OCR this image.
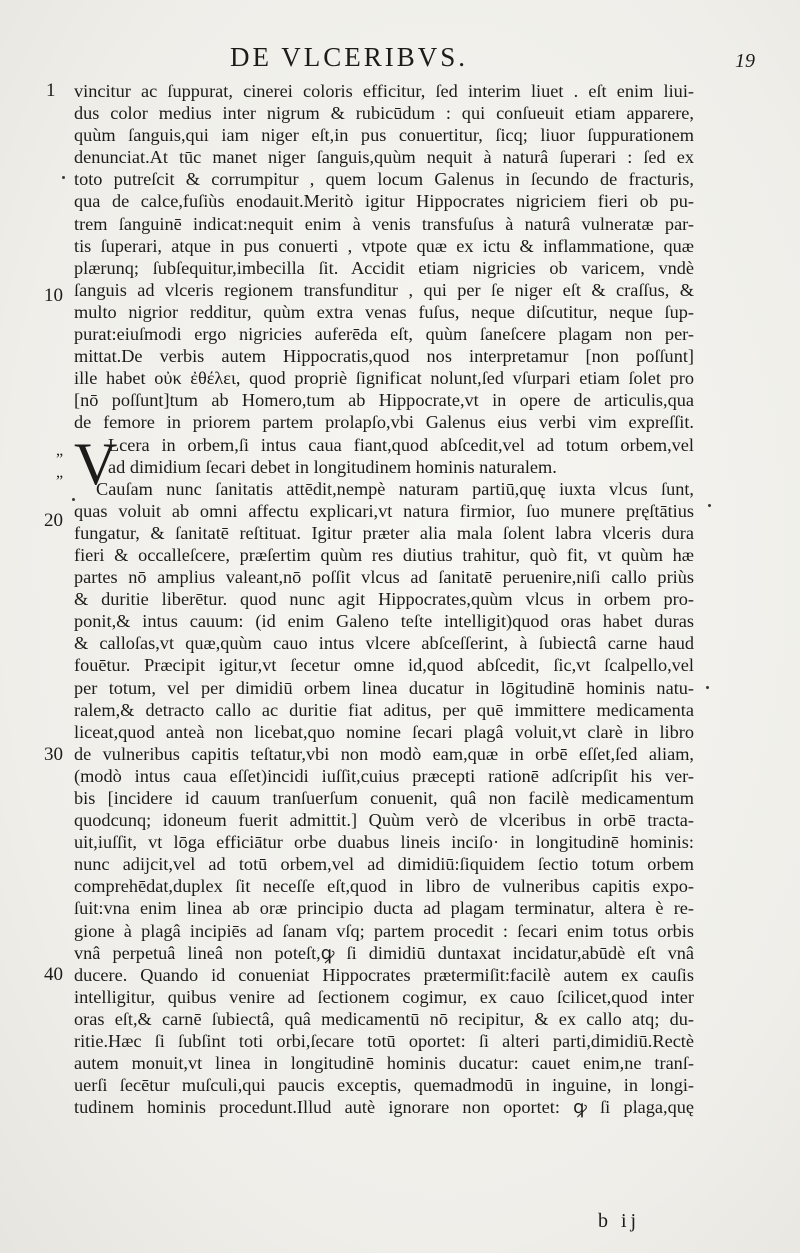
DE VLCERIBVS.	19
1
10
20
30
40
„
„ V
vincitur ac ſuppurat, cinerei coloris efficitur, ſed interim liuet . eſt enim liui-
dus color medius inter nigrum & rubicūdum : qui conſueuit etiam apparere,
quùm ſanguis,qui iam niger eſt,in pus conuertitur, ſicq; liuor ſuppurationem
denunciat.At tūc manet niger ſanguis,quùm nequit à naturâ ſuperari : ſed ex
toto putreſcit & corrumpitur , quem locum Galenus in ſecundo de fracturis,
qua de calce,fuſiùs enodauit.Meritò igitur Hippocrates nigriciem fieri ob pu-
trem ſanguinē indicat:nequit enim à venis transfuſus à naturâ vulneratæ par-
tis ſuperari, atque in pus conuerti , vtpote quæ ex ictu & inflammatione, quæ
plærunq; ſubſequitur,imbecilla ſit. Accidit etiam nigricies ob varicem, vndè
ſanguis ad vlceris regionem transfunditur , qui per ſe niger eſt & craſſus, &
multo nigrior redditur, quùm extra venas fuſus, neque diſcutitur, neque ſup-
purat:eiuſmodi ergo nigricies auferēda eſt, quùm ſaneſcere plagam non per-
mittat.De verbis autem Hippocratis,quod nos interpretamur [non poſſunt]
ille habet οὐκ ἐθέλει, quod propriè ſignificat nolunt,ſed vſurpari etiam ſolet pro
[nō poſſunt]tum ab Homero,tum ab Hippocrate,vt in opere de articulis,qua
de femore in priorem partem prolapſo,vbi Galenus eius verbi vim expreſſit.
Lcera in orbem,ſi intus caua fiant,quod abſcedit,vel ad totum orbem,vel
ad dimidium ſecari debet in longitudinem hominis naturalem.
Cauſam nunc ſanitatis attēdit,nempè naturam partiū,quę iuxta vlcus ſunt,
quas voluit ab omni affectu explicari,vt natura firmior, ſuo munere pręſtātius
fungatur, & ſanitatē reſtituat. Igitur præter alia mala ſolent labra vlceris dura
fieri & occalleſcere, præſertim quùm res diutius trahitur, quò fit, vt quùm hæ
partes nō amplius valeant,nō poſſit vlcus ad ſanitatē peruenire,niſi callo priùs
& duritie liberētur. quod nunc agit Hippocrates,quùm vlcus in orbem pro-
ponit,& intus cauum: (id enim Galeno teſte intelligit)quod oras habet duras
& calloſas,vt quæ,quùm cauo intus vlcere abſceſſerint, à ſubiectâ carne haud
fouētur. Præcipit igitur,vt ſecetur omne id,quod abſcedit, ſic,vt ſcalpello,vel
per totum, vel per dimidiū orbem linea ducatur in lōgitudinē hominis natu-
ralem,& detracto callo ac duritie fiat aditus, per quē immittere medicamenta
liceat,quod anteà non licebat,quo nomine ſecari plagâ voluit,vt clarè in libro
de vulneribus capitis teſtatur,vbi non modò eam,quæ in orbē eſſet,ſed aliam,
(modò intus caua eſſet)incidi iuſſit,cuius præcepti rationē adſcripſit his ver-
bis [incidere id cauum tranſuerſum conuenit, quâ non facilè medicamentum
quodcunq; idoneum fuerit admittit.] Quùm verò de vlceribus in orbē tracta-
uit,iuſſit, vt lōga efficiātur orbe duabus lineis inciſo· in longitudinē hominis:
nunc adijcit,vel ad totū orbem,vel ad dimidiū:ſiquidem ſectio totum orbem
comprehēdat,duplex ſit neceſſe eſt,quod in libro de vulneribus capitis expo-
ſuit:vna enim linea ab oræ principio ducta ad plagam terminatur, altera è re-
gione à plagâ incipiēs ad ſanam vſq; partem procedit : ſecari enim totus orbis
vnâ perpetuâ lineâ non poteſt,ꝙ ſi dimidiū duntaxat incidatur,abūdè eſt vnâ
ducere. Quando id conueniat Hippocrates prætermiſit:facilè autem ex cauſis
intelligitur, quibus venire ad ſectionem cogimur, ex cauo ſcilicet,quod inter
oras eſt,& carnē ſubiectâ, quâ medicamentū nō recipitur, & ex callo atq; du-
ritie.Hæc ſi ſubſint toti orbi,ſecare totū oportet: ſi alteri parti,dimidiū.Rectè
autem monuit,vt linea in longitudinē hominis ducatur: cauet enim,ne tranſ-
uerſi ſecētur muſculi,qui paucis exceptis, quemadmodū in inguine, in longi-
tudinem hominis procedunt.Illud autè ignorare non oportet: ꝙ ſi plaga,quę
b ij
